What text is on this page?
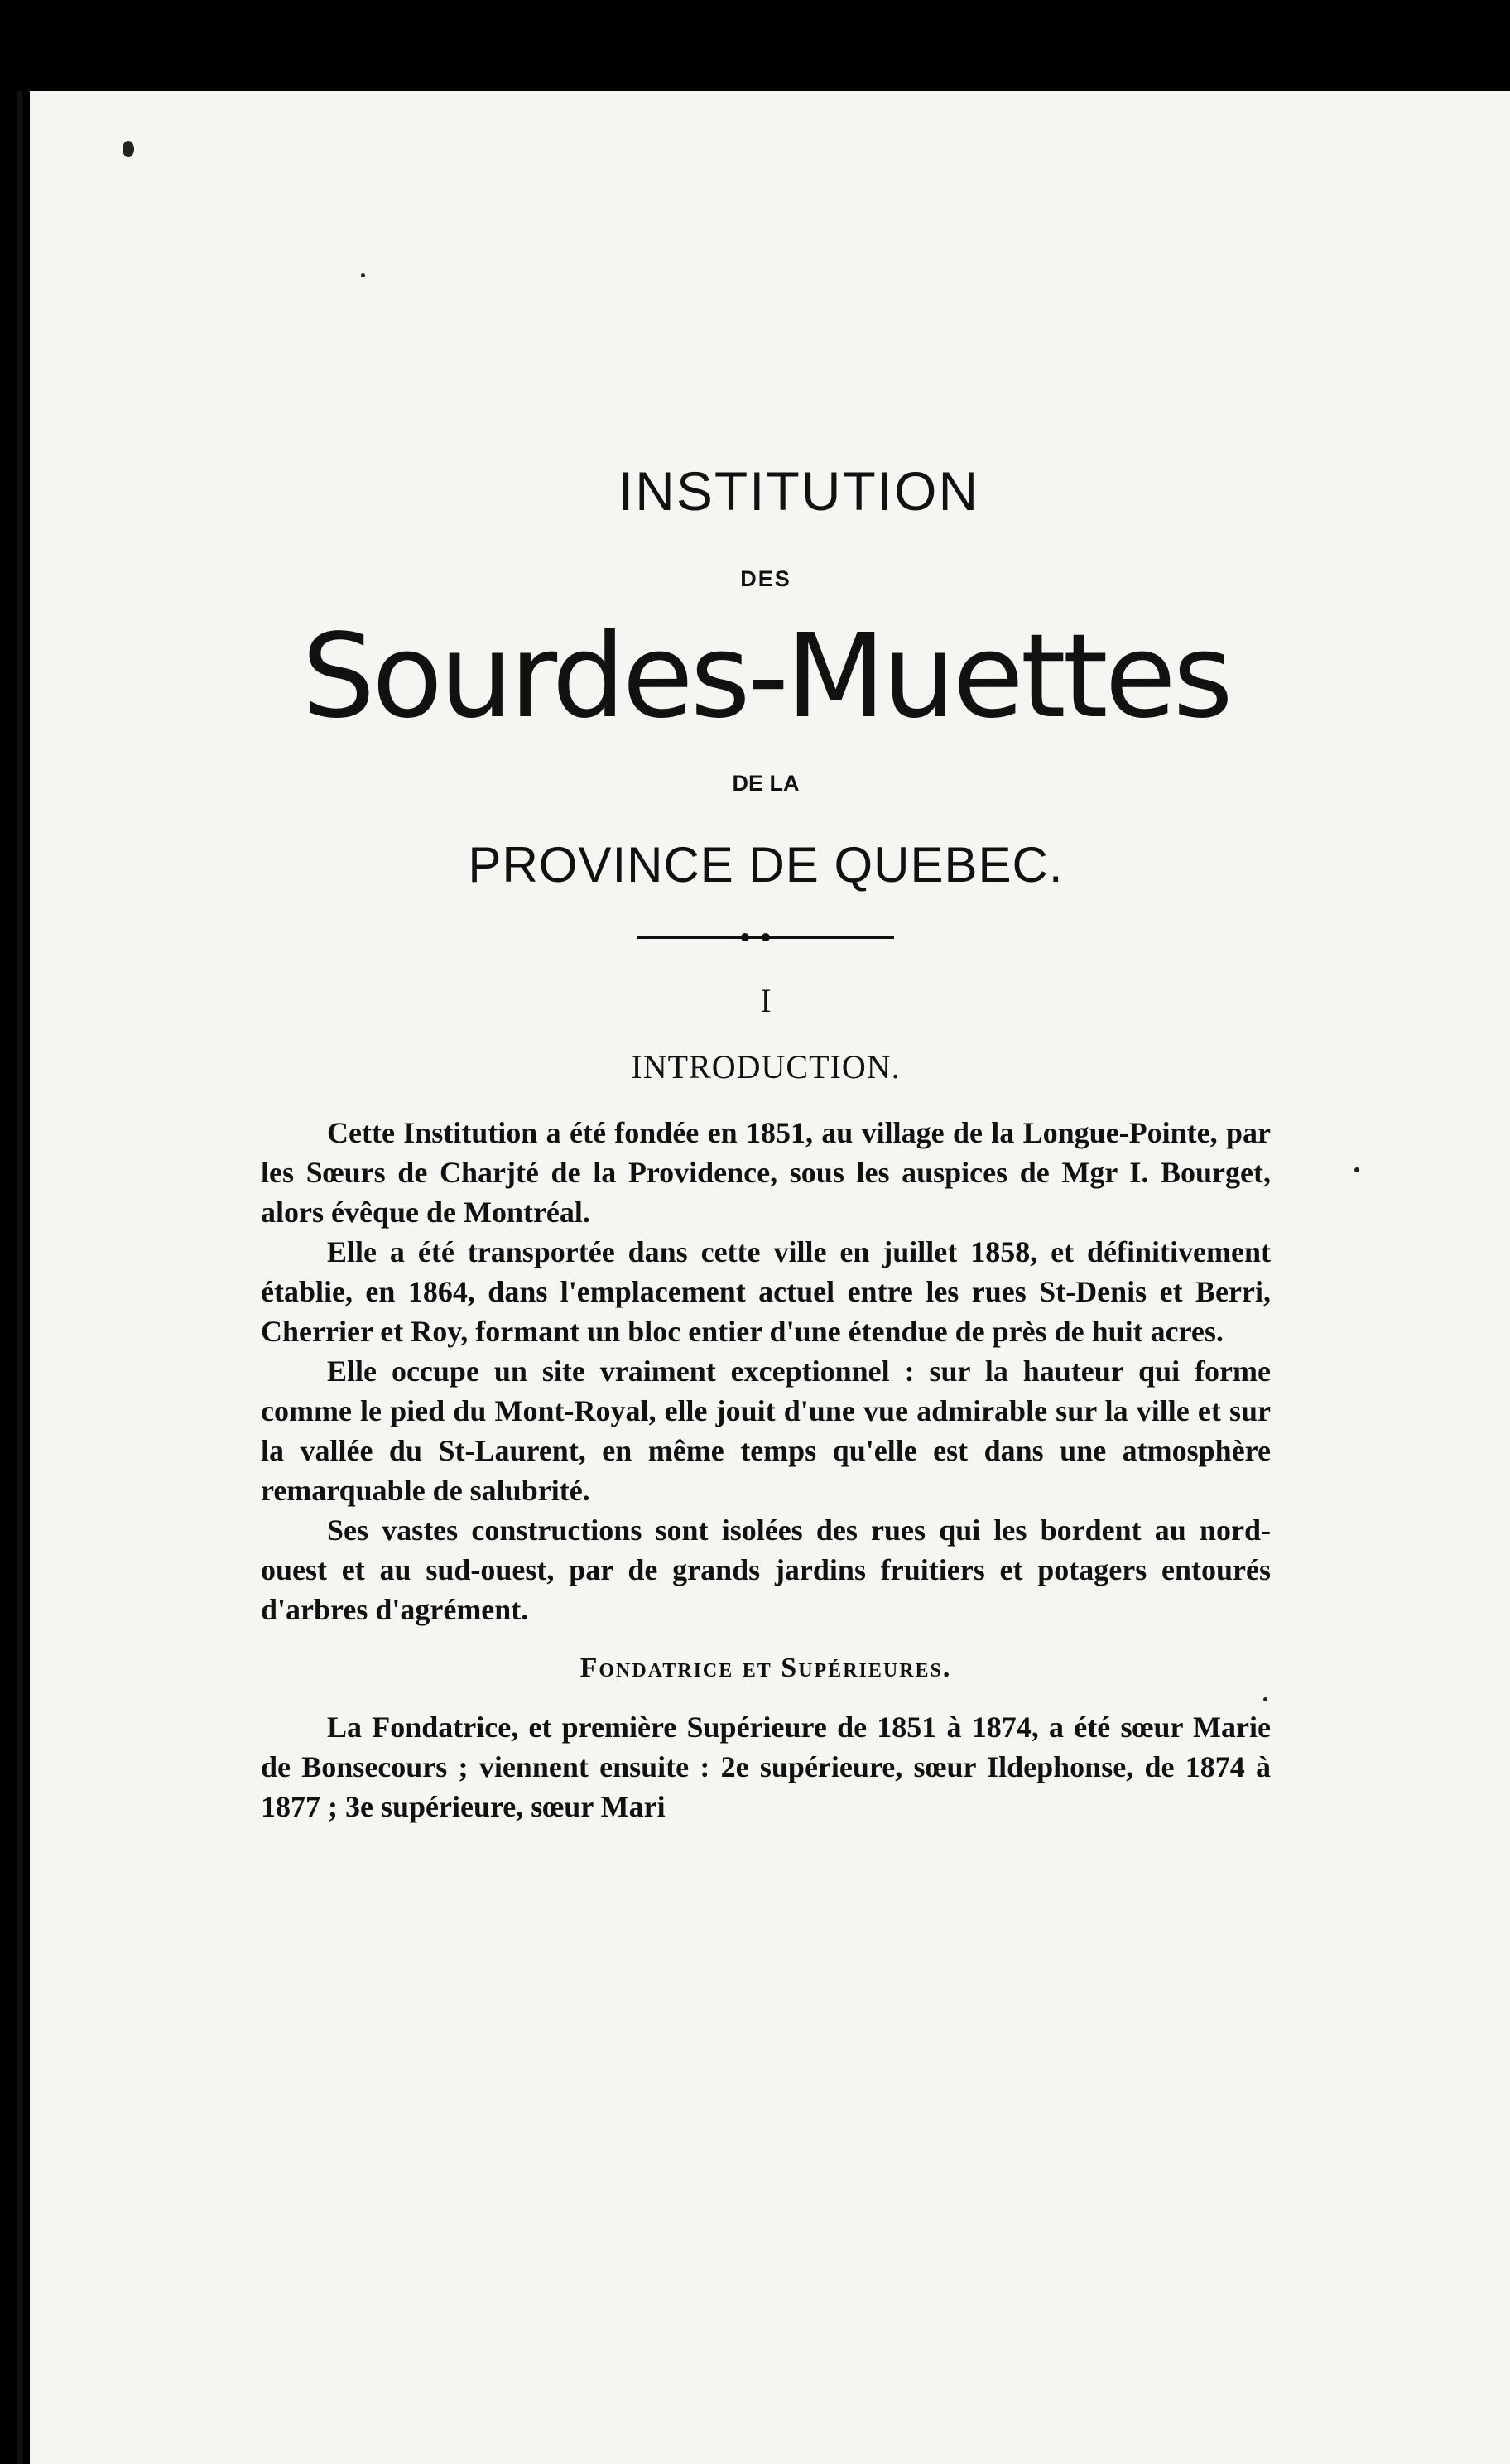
INSTITUTION
DES
Sourdes-Muettes
DE LA
PROVINCE DE QUEBEC.
I
INTRODUCTION.

Cette Institution a été fondée en 1851, au village de la Longue-Pointe, par les Sœurs de Charjté de la Providence, sous les auspices de Mgr I. Bourget, alors évêque de Montréal.

Elle a été transportée dans cette ville en juillet 1858, et définitivement établie, en 1864, dans l'emplacement actuel entre les rues St-Denis et Berri, Cherrier et Roy, formant un bloc entier d'une étendue de près de huit acres.

Elle occupe un site vraiment exceptionnel : sur la hauteur qui forme comme le pied du Mont-Royal, elle jouit d'une vue admirable sur la ville et sur la vallée du St-Laurent, en même temps qu'elle est dans une atmosphère remarquable de salubrité.

Ses vastes constructions sont isolées des rues qui les bordent au nord-ouest et au sud-ouest, par de grands jardins fruitiers et potagers entourés d'arbres d'agrément.

Fondatrice et Supérieures.

La Fondatrice, et première Supérieure de 1851 à 1874, a été sœur Marie de Bonsecours ; viennent ensuite : 2e supérieure, sœur Ildephonse, de 1874 à 1877 ; 3e supérieure, sœur Mari
